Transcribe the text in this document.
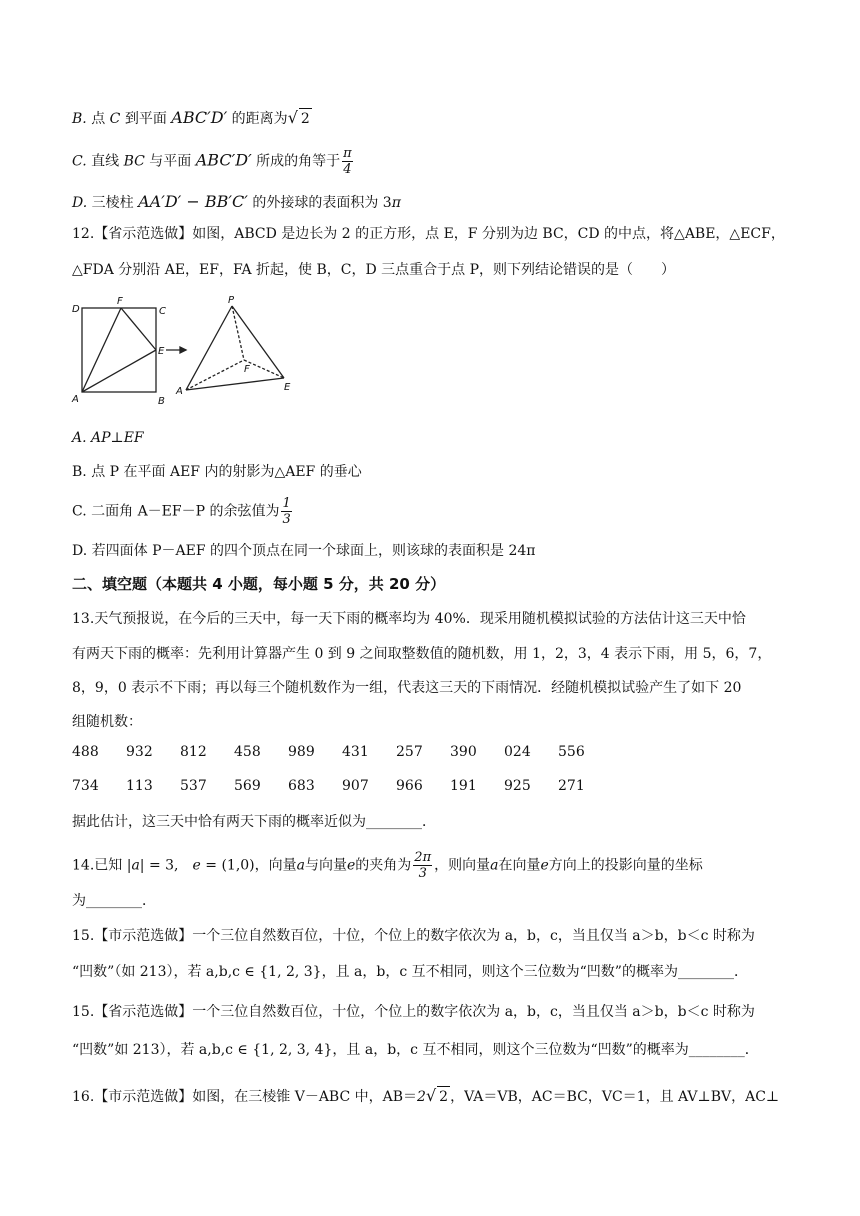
B. 点 C 到平面 ABC′D′ 的距离为√ 2
C. 直线 BC 与平面 ABC′D′ 所成的角等于 $\frac{\pi}{4}$
D. 三棱柱 AA′D′ − BB′C′ 的外接球的表面积为 3π
12.【省示范选做】如图，ABCD 是边长为 2 的正方形，点 E，F 分别为边 BC，CD 的中点，将△ABE，△ECF，
△FDA 分别沿 AE，EF，FA 折起，使 B，C，D 三点重合于点 P，则下列结论错误的是（　　）
D
F
C
E
A	B
P
F
E
A
A. AP⊥EF
B. 点 P 在平面 AEF 内的射影为△AEF 的垂心
C. 二面角 A－EF－P 的余弦值为 $\frac{1}{3}$
D. 若四面体 P－AEF 的四个顶点在同一个球面上，则该球的表面积是 24π
二、填空题（本题共 4 小题，每小题 5 分，共 20 分）
13.天气预报说，在今后的三天中，每一天下雨的概率均为 40%．现采用随机模拟试验的方法估计这三天中恰
有两天下雨的概率：先利用计算器产生 0 到 9 之间取整数值的随机数，用 1，2，3，4 表示下雨，用 5，6，7，
8，9，0 表示不下雨；再以每三个随机数作为一组，代表这三天的下雨情况．经随机模拟试验产生了如下 20
组随机数：
488	932	812	458	989	431	257	390	024	556
734	113	537	569	683	907	966	191	925	271
据此估计，这三天中恰有两天下雨的概率近似为________．
14.已知 |a| = 3,　e = (1,0)，向量a与向量e的夹角为 $\frac{2\pi}{3}$ ，则向量a在向量e方向上的投影向量的坐标
为________．
15.【市示范选做】一个三位自然数百位，十位，个位上的数字依次为 a，b，c，当且仅当 a＞b，b＜c 时称为
“凹数”（如 213），若 a,b,c ∈ {1, 2, 3}，且 a，b，c 互不相同，则这个三位数为“凹数”的概率为________．
15.【省示范选做】一个三位自然数百位，十位，个位上的数字依次为 a，b，c，当且仅当 a＞b，b＜c 时称为
“凹数”如 213），若 a,b,c ∈ {1, 2, 3, 4}，且 a，b，c 互不相同，则这个三位数为“凹数”的概率为________．
16.【市示范选做】如图，在三棱锥 V－ABC 中，AB＝2√ 2 ，VA＝VB，AC＝BC，VC＝1，且 AV⊥BV，AC⊥
